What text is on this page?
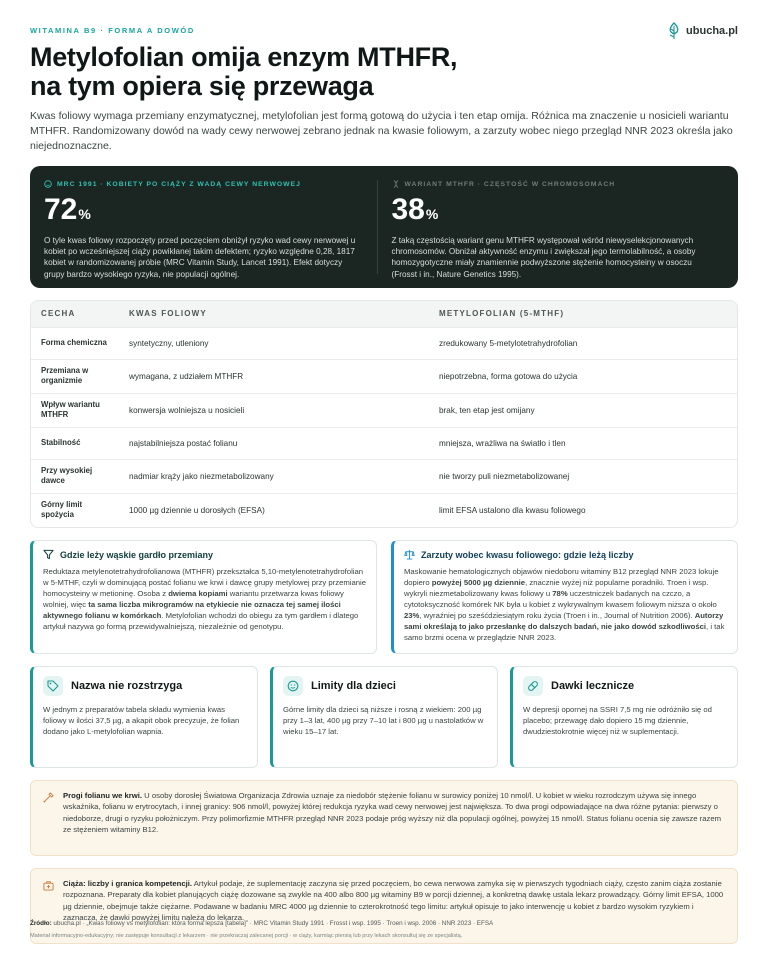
WITAMINA B9 · FORMA A DOWÓD	ubucha.pl
Metylofolian omija enzym MTHFR,
na tym opiera się przewaga

Kwas foliowy wymaga przemiany enzymatycznej, metylofolian jest formą gotową do użycia i ten etap omija. Różnica ma znaczenie u nosicieli wariantu MTHFR. Randomizowany dowód na wady cewy nerwowej zebrano jednak na kwasie foliowym, a zarzuty wobec niego przegląd NNR 2023 określa jako niejednoznaczne.

MRC 1991 · KOBIETY PO CIĄŻY Z WADĄ CEWY NERWOWEJ
72%

O tyle kwas foliowy rozpoczęty przed poczęciem obniżył ryzyko wad cewy nerwowej u kobiet po wcześniejszej ciąży powikłanej takim defektem; ryzyko względne 0,28, 1817 kobiet w randomizowanej próbie (MRC Vitamin Study, Lancet 1991). Efekt dotyczy grupy bardzo wysokiego ryzyka, nie populacji ogólnej.

WARIANT MTHFR · CZĘSTOŚĆ W CHROMOSOMACH
38%

Z taką częstością wariant genu MTHFR występował wśród niewyselekcjonowanych chromosomów. Obniżał aktywność enzymu i zwiększał jego termolabilność, a osoby homozygotyczne miały znamiennie podwyższone stężenie homocysteiny w osoczu (Frosst i in., Nature Genetics 1995).

CECHA	KWAS FOLIOWY	METYLOFOLIAN (5-MTHF)
Forma chemiczna	syntetyczny, utleniony	zredukowany 5-metylotetrahydrofolian
Przemiana w organizmie	wymagana, z udziałem MTHFR	niepotrzebna, forma gotowa do użycia
Wpływ wariantu MTHFR	konwersja wolniejsza u nosicieli	brak, ten etap jest omijany
Stabilność	najstabilniejsza postać folianu	mniejsza, wrażliwa na światło i tlen
Przy wysokiej dawce	nadmiar krąży jako niezmetabolizowany	nie tworzy puli niezmetabolizowanej
Górny limit spożycia	1000 µg dziennie u dorosłych (EFSA)	limit EFSA ustalono dla kwasu foliowego
Gdzie leży wąskie gardło przemiany

Reduktaza metylenotetrahydrofolianowa (MTHFR) przekształca 5,10-metylenotetrahydrofolian w 5-MTHF, czyli w dominującą postać folianu we krwi i dawcę grupy metylowej przy przemianie homocysteiny w metioninę. Osoba z dwiema kopiami wariantu przetwarza kwas foliowy wolniej, więc ta sama liczba mikrogramów na etykiecie nie oznacza tej samej ilości aktywnego folianu w komórkach. Metylofolian wchodzi do obiegu za tym gardłem i dlatego artykuł nazywa go formą przewidywalniejszą, niezależnie od genotypu.

Zarzuty wobec kwasu foliowego: gdzie leżą liczby

Maskowanie hematologicznych objawów niedoboru witaminy B12 przegląd NNR 2023 lokuje dopiero powyżej 5000 µg dziennie, znacznie wyżej niż popularne poradniki. Troen i wsp. wykryli niezmetabolizowany kwas foliowy u 78% uczestniczek badanych na czczo, a cytotoksyczność komórek NK była u kobiet z wykrywalnym kwasem foliowym niższa o około 23%, wyraźniej po sześćdziesiątym roku życia (Troen i in., Journal of Nutrition 2006). Autorzy sami określają to jako przesłankę do dalszych badań, nie jako dowód szkodliwości, i tak samo brzmi ocena w przeglądzie NNR 2023.

Nazwa nie rozstrzyga

W jednym z preparatów tabela składu wymienia kwas foliowy w ilości 37,5 µg, a akapit obok precyzuje, że folian dodano jako L-metylofolian wapnia.

Limity dla dzieci

Górne limity dla dzieci są niższe i rosną z wiekiem: 200 µg przy 1–3 lat, 400 µg przy 7–10 lat i 800 µg u nastolatków w wieku 15–17 lat.

Dawki lecznicze

W depresji opornej na SSRI 7,5 mg nie odróżniło się od placebo; przewagę dało dopiero 15 mg dziennie, dwudziestokrotnie więcej niż w suplementacji.

Progi folianu we krwi. U osoby dorosłej Światowa Organizacja Zdrowia uznaje za niedobór stężenie folianu w surowicy poniżej 10 nmol/l. U kobiet w wieku rozrodczym używa się innego wskaźnika, folianu w erytrocytach, i innej granicy: 906 nmol/l, powyżej której redukcja ryzyka wad cewy nerwowej jest największa. To dwa progi odpowiadające na dwa różne pytania: pierwszy o niedoborze, drugi o ryzyku położniczym. Przy polimorfizmie MTHFR przegląd NNR 2023 podaje próg wyższy niż dla populacji ogólnej, powyżej 15 nmol/l. Status folianu ocenia się zawsze razem ze stężeniem witaminy B12.

Ciąża: liczby i granica kompetencji. Artykuł podaje, że suplementację zaczyna się przed poczęciem, bo cewa nerwowa zamyka się w pierwszych tygodniach ciąży, często zanim ciąża zostanie rozpoznana. Preparaty dla kobiet planujących ciążę dozowane są zwykle na 400 albo 800 µg witaminy B9 w porcji dziennej, a konkretną dawkę ustala lekarz prowadzący. Górny limit EFSA, 1000 µg dziennie, obejmuje także ciężarne. Podawane w badaniu MRC 4000 µg dziennie to czterokrotność tego limitu: artykuł opisuje to jako interwencję u kobiet z bardzo wysokim ryzykiem i zaznacza, że dawki powyżej limitu należą do lekarza.

Źródło: ubucha.pl · „Kwas foliowy vs metylofolian: która forma lepsza [tabela]” · MRC Vitamin Study 1991 · Frosst i wsp. 1995 · Troen i wsp. 2006 · NNR 2023 · EFSA

Materiał informacyjno-edukacyjny; nie zastępuje konsultacji z lekarzem · nie przekraczaj zalecanej porcji · w ciąży, karmiąc piersią lub przy lekach skonsultuj się ze specjalistą.
